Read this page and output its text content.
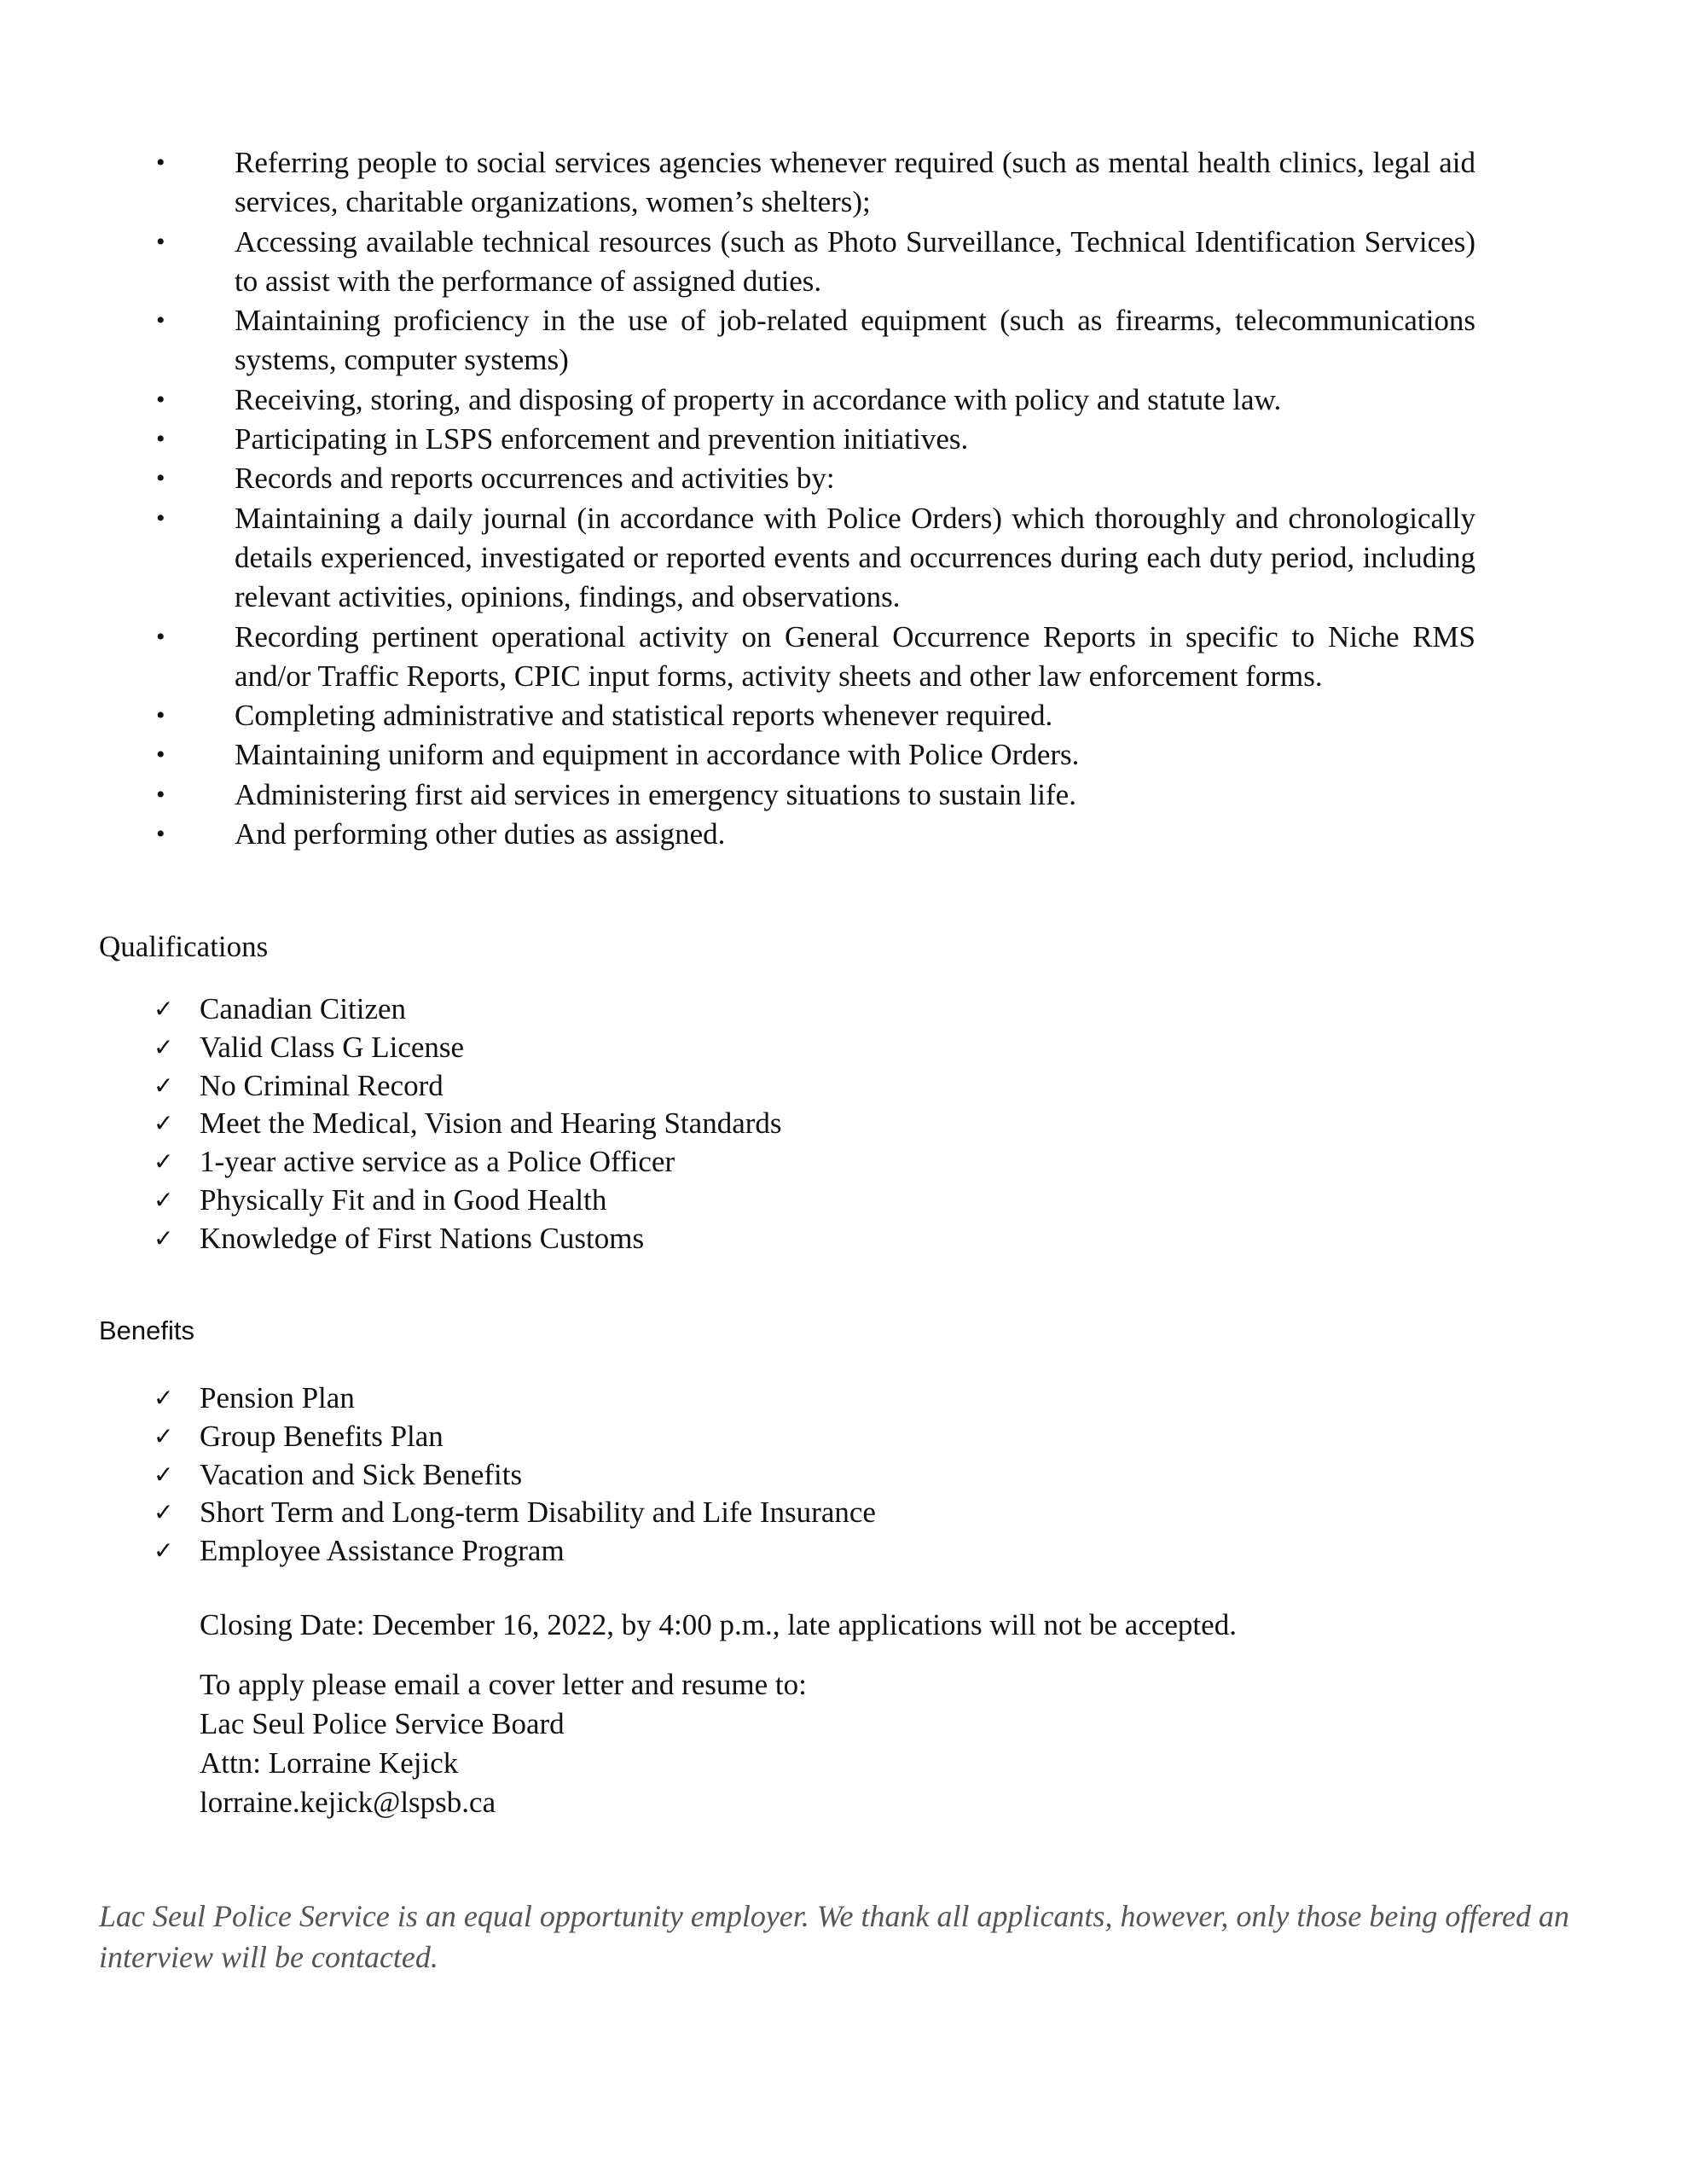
• Referring people to social services agencies whenever required (such as mental health clinics, legal aid services, charitable organizations, women’s shelters);
• Accessing available technical resources (such as Photo Surveillance, Technical Identification Services) to assist with the performance of assigned duties.
• Maintaining proficiency in the use of job-related equipment (such as firearms, telecommunications systems, computer systems)
• Receiving, storing, and disposing of property in accordance with policy and statute law.
• Participating in LSPS enforcement and prevention initiatives.
• Records and reports occurrences and activities by:
• Maintaining a daily journal (in accordance with Police Orders) which thoroughly and chronologically details experienced, investigated or reported events and occurrences during each duty period, including relevant activities, opinions, findings, and observations.
• Recording pertinent operational activity on General Occurrence Reports in specific to Niche RMS and/or Traffic Reports, CPIC input forms, activity sheets and other law enforcement forms.
• Completing administrative and statistical reports whenever required.
• Maintaining uniform and equipment in accordance with Police Orders.
• Administering first aid services in emergency situations to sustain life.
• And performing other duties as assigned.
Qualifications
✓ Canadian Citizen
✓ Valid Class G License
✓ No Criminal Record
✓ Meet the Medical, Vision and Hearing Standards
✓ 1-year active service as a Police Officer
✓ Physically Fit and in Good Health
✓ Knowledge of First Nations Customs
Benefits
✓ Pension Plan
✓ Group Benefits Plan
✓ Vacation and Sick Benefits
✓ Short Term and Long-term Disability and Life Insurance
✓ Employee Assistance Program
Closing Date: December 16, 2022, by 4:00 p.m., late applications will not be accepted.
To apply please email a cover letter and resume to:
Lac Seul Police Service Board
Attn: Lorraine Kejick
lorraine.kejick@lspsb.ca
Lac Seul Police Service is an equal opportunity employer. We thank all applicants, however, only those being offered an interview will be contacted.
